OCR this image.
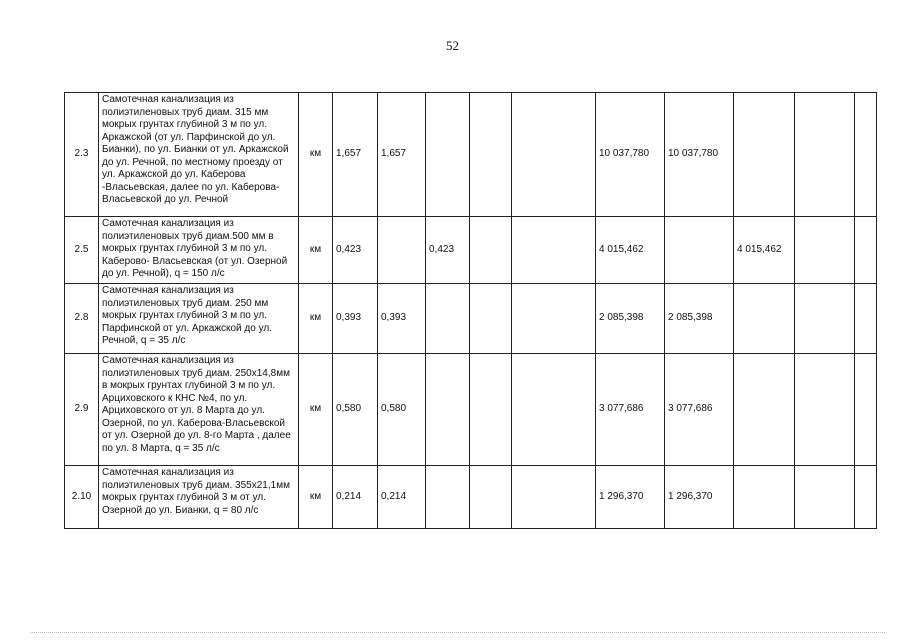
52
2.3	Самотечная канализация из полиэтиленовых труб диам. 315 мм мокрых грунтах глубиной 3 м по ул. Аркажской (от ул. Парфинской до ул. Бианки), по ул. Бианки от ул. Аркажской до ул. Речной, по местному проезду от ул. Аркажской до ул. Каберова -Власьевская, далее по ул. Каберова-Власьевской до ул. Речной	км	1,657	1,657				10 037,780	10 037,780			
2.5	Самотечная канализация из полиэтиленовых труб диам.500 мм в мокрых грунтах глубиной 3 м по ул. Каберово- Власьевская (от ул. Озерной до ул. Речной), q = 150 л/с	км	0,423		0,423			4 015,462		4 015,462		
2.8	Самотечная канализация из полиэтиленовых труб диам. 250 мм мокрых грунтах глубиной 3 м по ул. Парфинской от ул. Аркажской до ул. Речной, q = 35 л/с	км	0,393	0,393				2 085,398	2 085,398			
2.9	Самотечная канализация из полиэтиленовых труб диам. 250х14,8мм в мокрых грунтах глубиной 3 м по ул. Арциховского к КНС №4, по ул. Арциховского от ул. 8 Марта до ул. Озерной, по ул. Каберова-Власьевской от ул. Озерной до ул. 8-го Марта , далее по ул. 8 Марта, q = 35 л/с	км	0,580	0,580				3 077,686	3 077,686			
2.10	Самотечная канализация из полиэтиленовых труб диам. 355х21,1мм мокрых грунтах глубиной 3 м от ул. Озерной до ул. Бианки, q = 80 л/с	км	0,214	0,214				1 296,370	1 296,370			
